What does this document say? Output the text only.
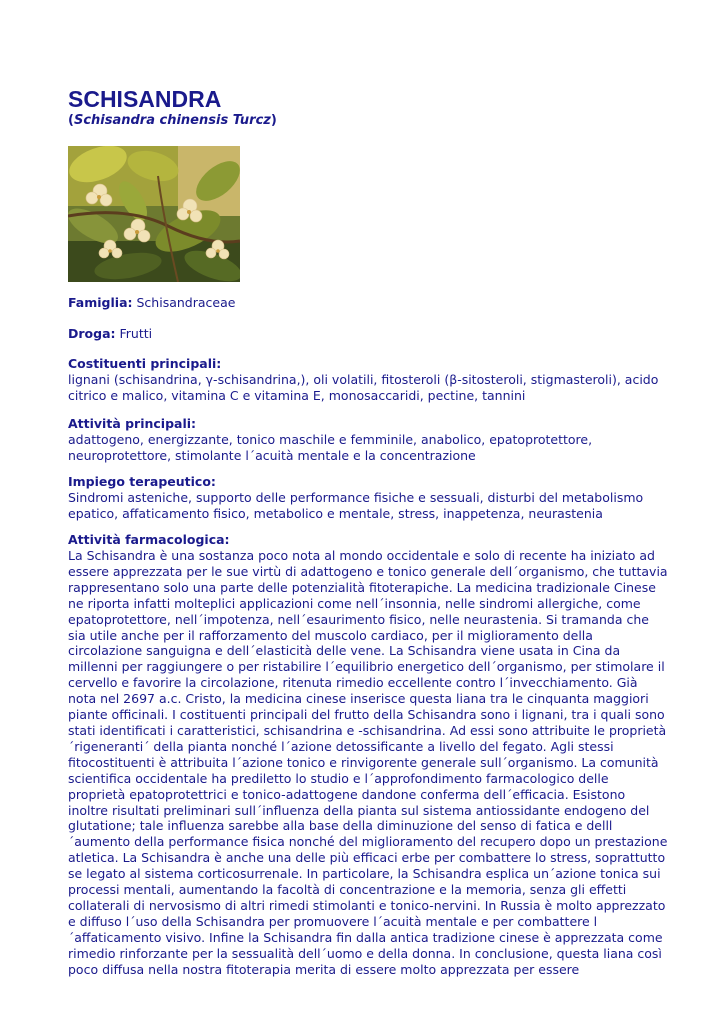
SCHISANDRA

(Schisandra chinensis Turcz)

Famiglia: Schisandraceae
Droga: Frutti
Costituenti principali:
lignani (schisandrina, γ-schisandrina,), oli volatili, fitosteroli (β-sitosteroli, stigmasteroli), acido citrico e malico, vitamina C e vitamina E, monosaccaridi, pectine, tannini
Attività principali:
adattogeno, energizzante, tonico maschile e femminile, anabolico, epatoprotettore, neuroprotettore, stimolante l´acuità mentale e la concentrazione
Impiego terapeutico:
Sindromi asteniche, supporto delle performance fisiche e sessuali, disturbi del metabolismo epatico, affaticamento fisico, metabolico e mentale, stress, inappetenza, neurastenia
Attività farmacologica:

La Schisandra è una sostanza poco nota al mondo occidentale e solo di recente ha iniziato ad essere apprezzata per le sue virtù di adattogeno e tonico generale dell´organismo, che tuttavia rappresentano solo una parte delle potenzialità fitoterapiche. La medicina tradizionale Cinese ne riporta infatti molteplici applicazioni come nell´insonnia, nelle sindromi allergiche, come epatoprotettore, nell´impotenza, nell´esaurimento fisico, nelle neurastenia. Si tramanda che sia utile anche per il rafforzamento del muscolo cardiaco, per il miglioramento della circolazione sanguigna e dell´elasticità delle vene. La Schisandra viene usata in Cina da millenni per raggiungere o per ristabilire l´equilibrio energetico dell´organismo, per stimolare il cervello e favorire la circolazione, ritenuta rimedio eccellente contro l´invecchiamento. Già nota nel 2697 a.c. Cristo, la medicina cinese inserisce questa liana tra le cinquanta maggiori piante officinali. I costituenti principali del frutto della Schisandra sono i lignani, tra i quali sono stati identificati i caratteristici, schisandrina e -schisandrina. Ad essi sono attribuite le proprietà ´rigeneranti´ della pianta nonché l´azione detossificante a livello del fegato. Agli stessi fitocostituenti è attribuita l´azione tonico e rinvigorente generale sull´organismo. La comunità scientifica occidentale ha prediletto lo studio e l´approfondimento farmacologico delle proprietà epatoprotettrici e tonico-adattogene dandone conferma dell´efficacia. Esistono inoltre risultati preliminari sull´influenza della pianta sul sistema antiossidante endogeno del glutatione; tale influenza sarebbe alla base della diminuzione del senso di fatica e delll´aumento della performance fisica nonché del miglioramento del recupero dopo un prestazione atletica. La Schisandra è anche una delle più efficaci erbe per combattere lo stress, soprattutto se legato al sistema corticosurrenale. In particolare, la Schisandra esplica un´azione tonica sui processi mentali, aumentando la facoltà di concentrazione e la memoria, senza gli effetti collaterali di nervosismo di altri rimedi stimolanti e tonico-nervini. In Russia è molto apprezzato e diffuso l´uso della Schisandra per promuovere l´acuità mentale e per combattere l´affaticamento visivo. Infine la Schisandra fin dalla antica tradizione cinese è apprezzata come rimedio rinforzante per la sessualità dell´uomo e della donna. In conclusione, questa liana così poco diffusa nella nostra fitoterapia merita di essere molto apprezzata per essere
